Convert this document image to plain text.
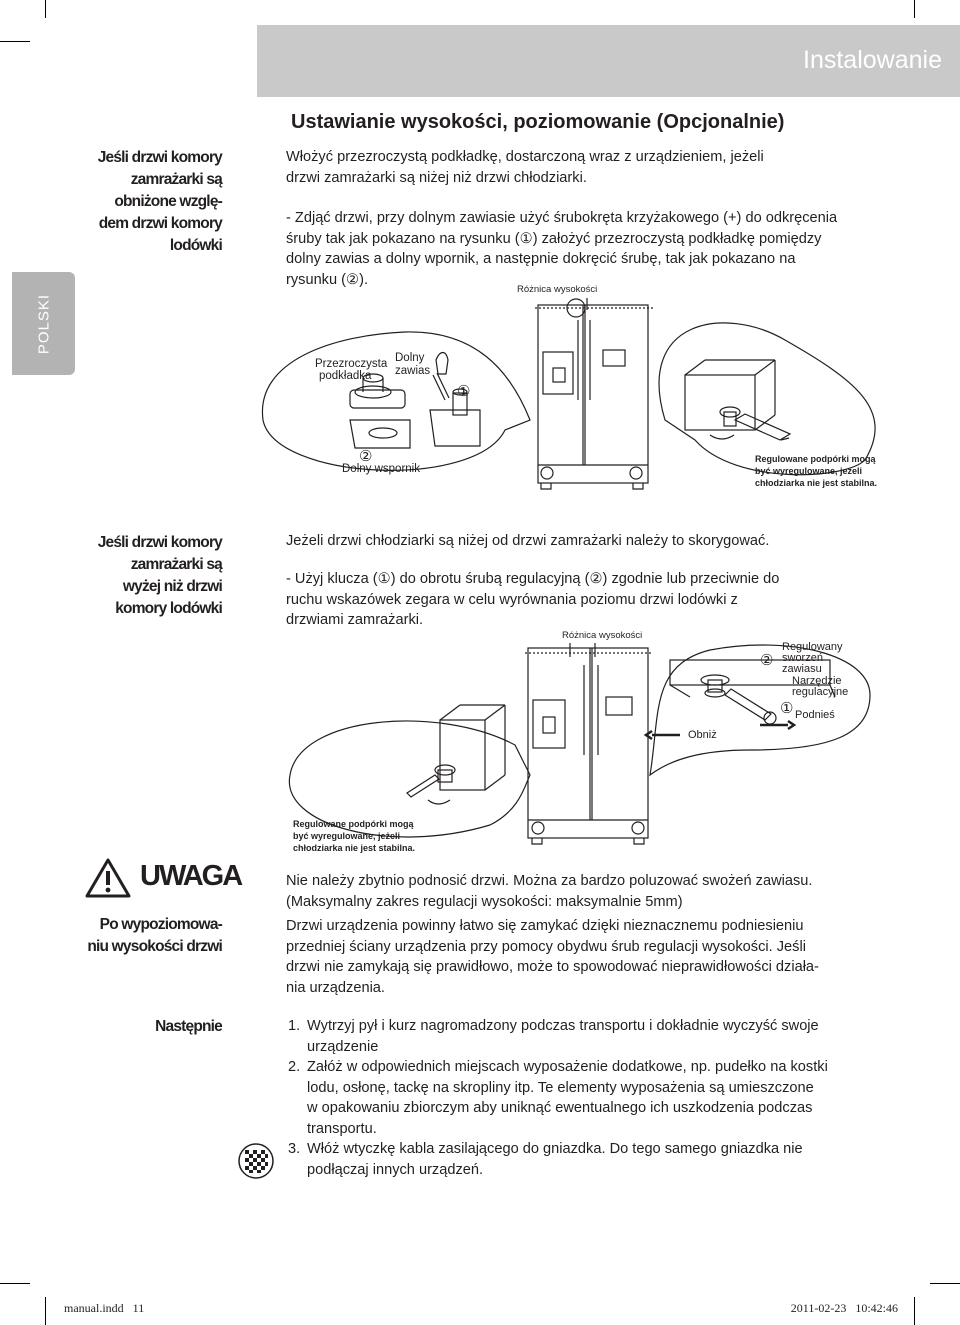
Instalowanie
POLSKI
Ustawianie wysokości, poziomowanie (Opcjonalnie)
Jeśli drzwi komory
zamrażarki są
obniżone wzglę-
dem drzwi komory
lodówki
Włożyć przezroczystą podkładkę, dostarczoną wraz z urządzieniem, jeżeli
drzwi zamrażarki są niżej niż drzwi chłodziarki.
- Zdjąć drzwi, przy dolnym zawiasie użyć śrubokręta krzyżakowego (+) do odkręcenia
śruby tak jak pokazano na rysunku (①) założyć przezroczystą podkładkę pomiędzy
dolny zawias a dolny wpornik, a następnie dokręcić śrubę, tak jak pokazano na
rysunku (②).
Różnica wysokości
Przezroczysta
podkładka
Dolny
zawias
①
②
Dolny wspornik
Regulowane podpórki mogą
być wyregulowane, jeżeli
chłodziarka nie jest stabilna.
Jeśli drzwi komory
zamrażarki są
wyżej niż drzwi
komory lodówki
Jeżeli drzwi chłodziarki są niżej od drzwi zamrażarki należy to skorygować.
- Użyj klucza (①) do obrotu śrubą regulacyjną (②) zgodnie lub przeciwnie do
ruchu wskazówek zegara w celu wyrównania poziomu drzwi lodówki z
drzwiami zamrażarki.
Różnica wysokości
②
Regulowany
sworzeń
zawiasu
Narzędzie
regulacyjne
① Podnieś
Obniż
Regulowane podpórki mogą
być wyregulowane, jeżeli
chłodziarka nie jest stabilna.
UWAGA
Po wypoziomowa-
niu wysokości drzwi
Nie należy zbytnio podnosić drzwi. Można za bardzo poluzować swożeń zawiasu.
(Maksymalny zakres regulacji wysokości: maksymalnie 5mm)
Drzwi urządzenia powinny łatwo się zamykać dzięki nieznacznemu podniesieniu
przedniej ściany urządzenia przy pomocy obydwu śrub regulacji wysokości. Jeśli
drzwi nie zamykają się prawidłowo, może to spowodować nieprawidłowości działa-
nia urządzenia.
Następnie	1. Wytrzyj pył i kurz nagromadzony podczas transportu i dokładnie wyczyść swoje
urządzenie
2. Załóż w odpowiednich miejscach wyposażenie dodatkowe, np. pudełko na kostki
lodu, osłonę, tackę na skropliny itp. Te elementy wyposażenia są umieszczone
w opakowaniu zbiorczym aby uniknąć ewentualnego ich uszkodzenia podczas
transportu.
3. Włóż wtyczkę kabla zasilającego do gniazdka. Do tego samego gniazdka nie
podłączaj innych urządzeń.
manual.indd   11	2011-02-23   10:42:46
